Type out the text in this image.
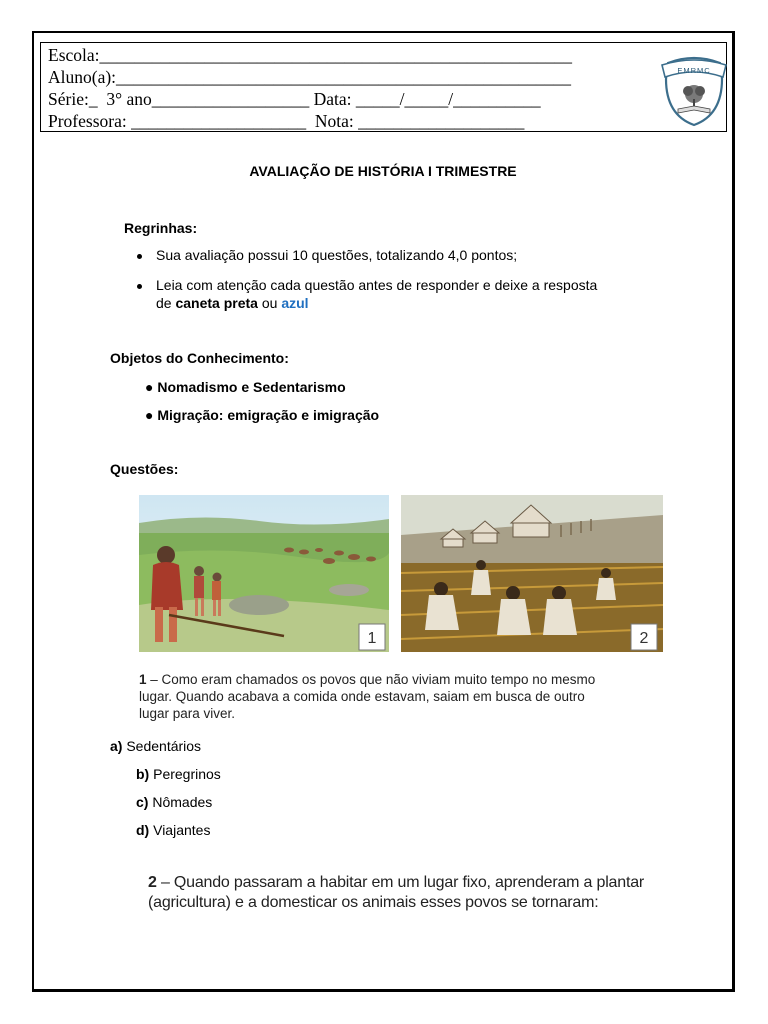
Escola:______________________________________________________
Aluno(a):____________________________________________________
Série:_  3° ano__________________ Data: _____/_____/__________
Professora: ____________________  Nota: ___________________
EMRMC
AVALIAÇÃO DE HISTÓRIA I TRIMESTRE
Regrinhas:
Sua avaliação possui 10 questões, totalizando 4,0 pontos;
Leia com atenção cada questão antes de responder e deixe a resposta
de caneta preta ou azul
Objetos do Conhecimento:
● Nomadismo e Sedentarismo
● Migração: emigração e imigração
Questões:
1	2
1 – Como eram chamados os povos que não viviam muito tempo no mesmo
lugar. Quando acabava a comida onde estavam, saiam em busca de outro
lugar para viver.
a) Sedentários
b) Peregrinos
c) Nômades
d) Viajantes
2 – Quando passaram a habitar em um lugar fixo, aprenderam a plantar
(agricultura) e a domesticar os animais esses povos se tornaram:
